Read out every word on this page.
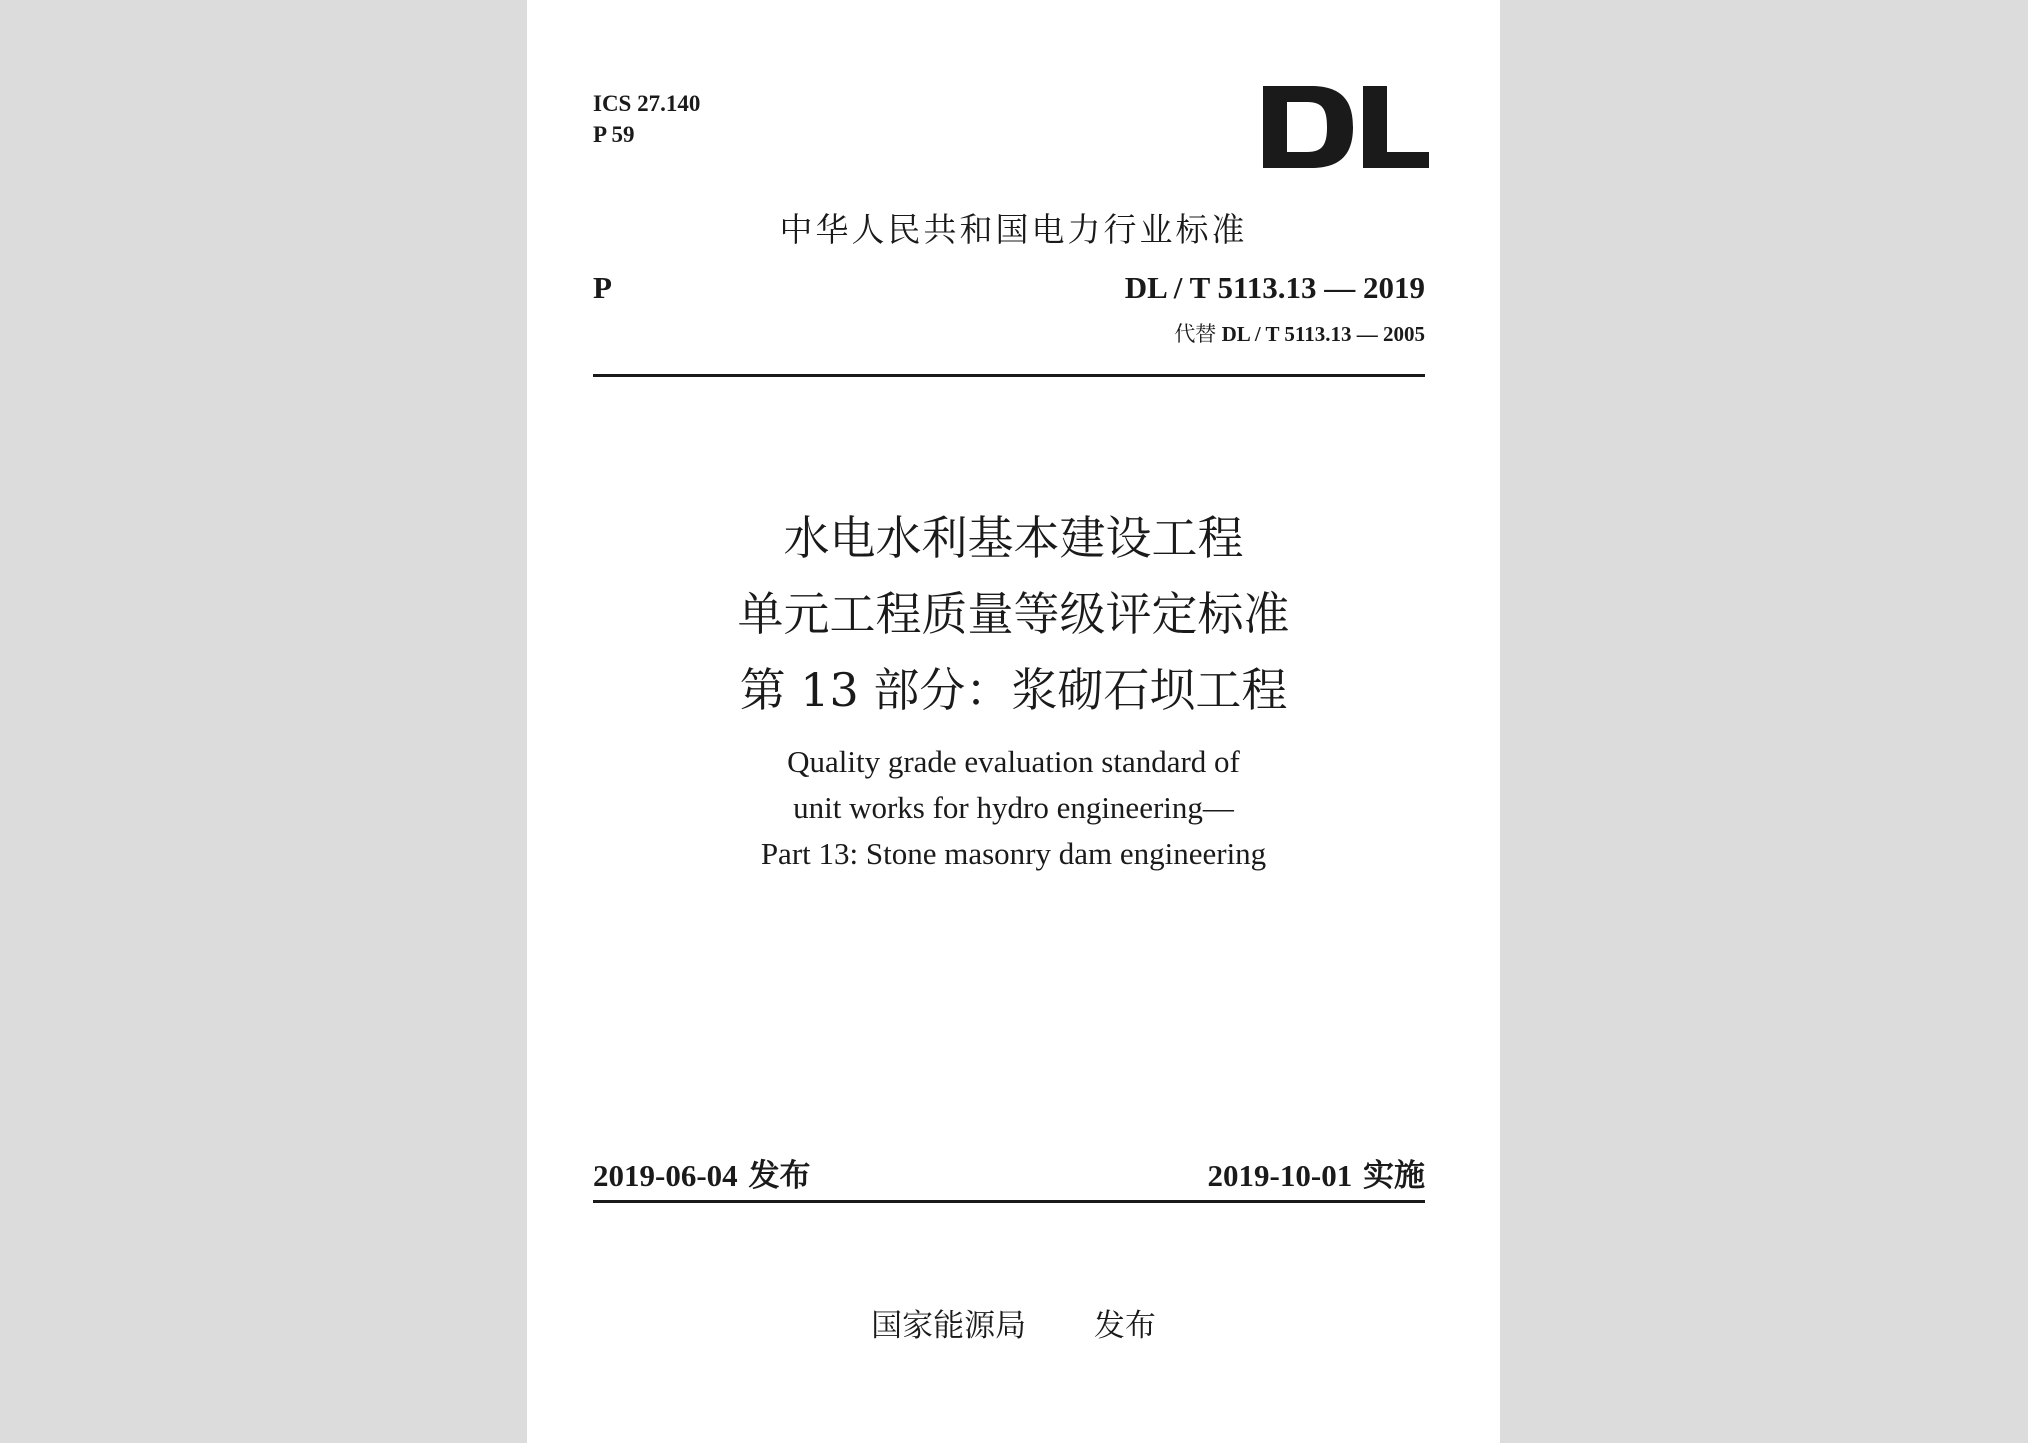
ICS 27.140
P 59
中华人民共和国电力行业标准
P	DL / T 5113.13 — 2019
代替 DL / T 5113.13 — 2005
水电水利基本建设工程
单元工程质量等级评定标准
第 13 部分：浆砌石坝工程
Quality grade evaluation standard of
unit works for hydro engineering—
Part 13: Stone masonry dam engineering
2019-06-04 发布	2019-10-01 实施
国家能源局 发布
